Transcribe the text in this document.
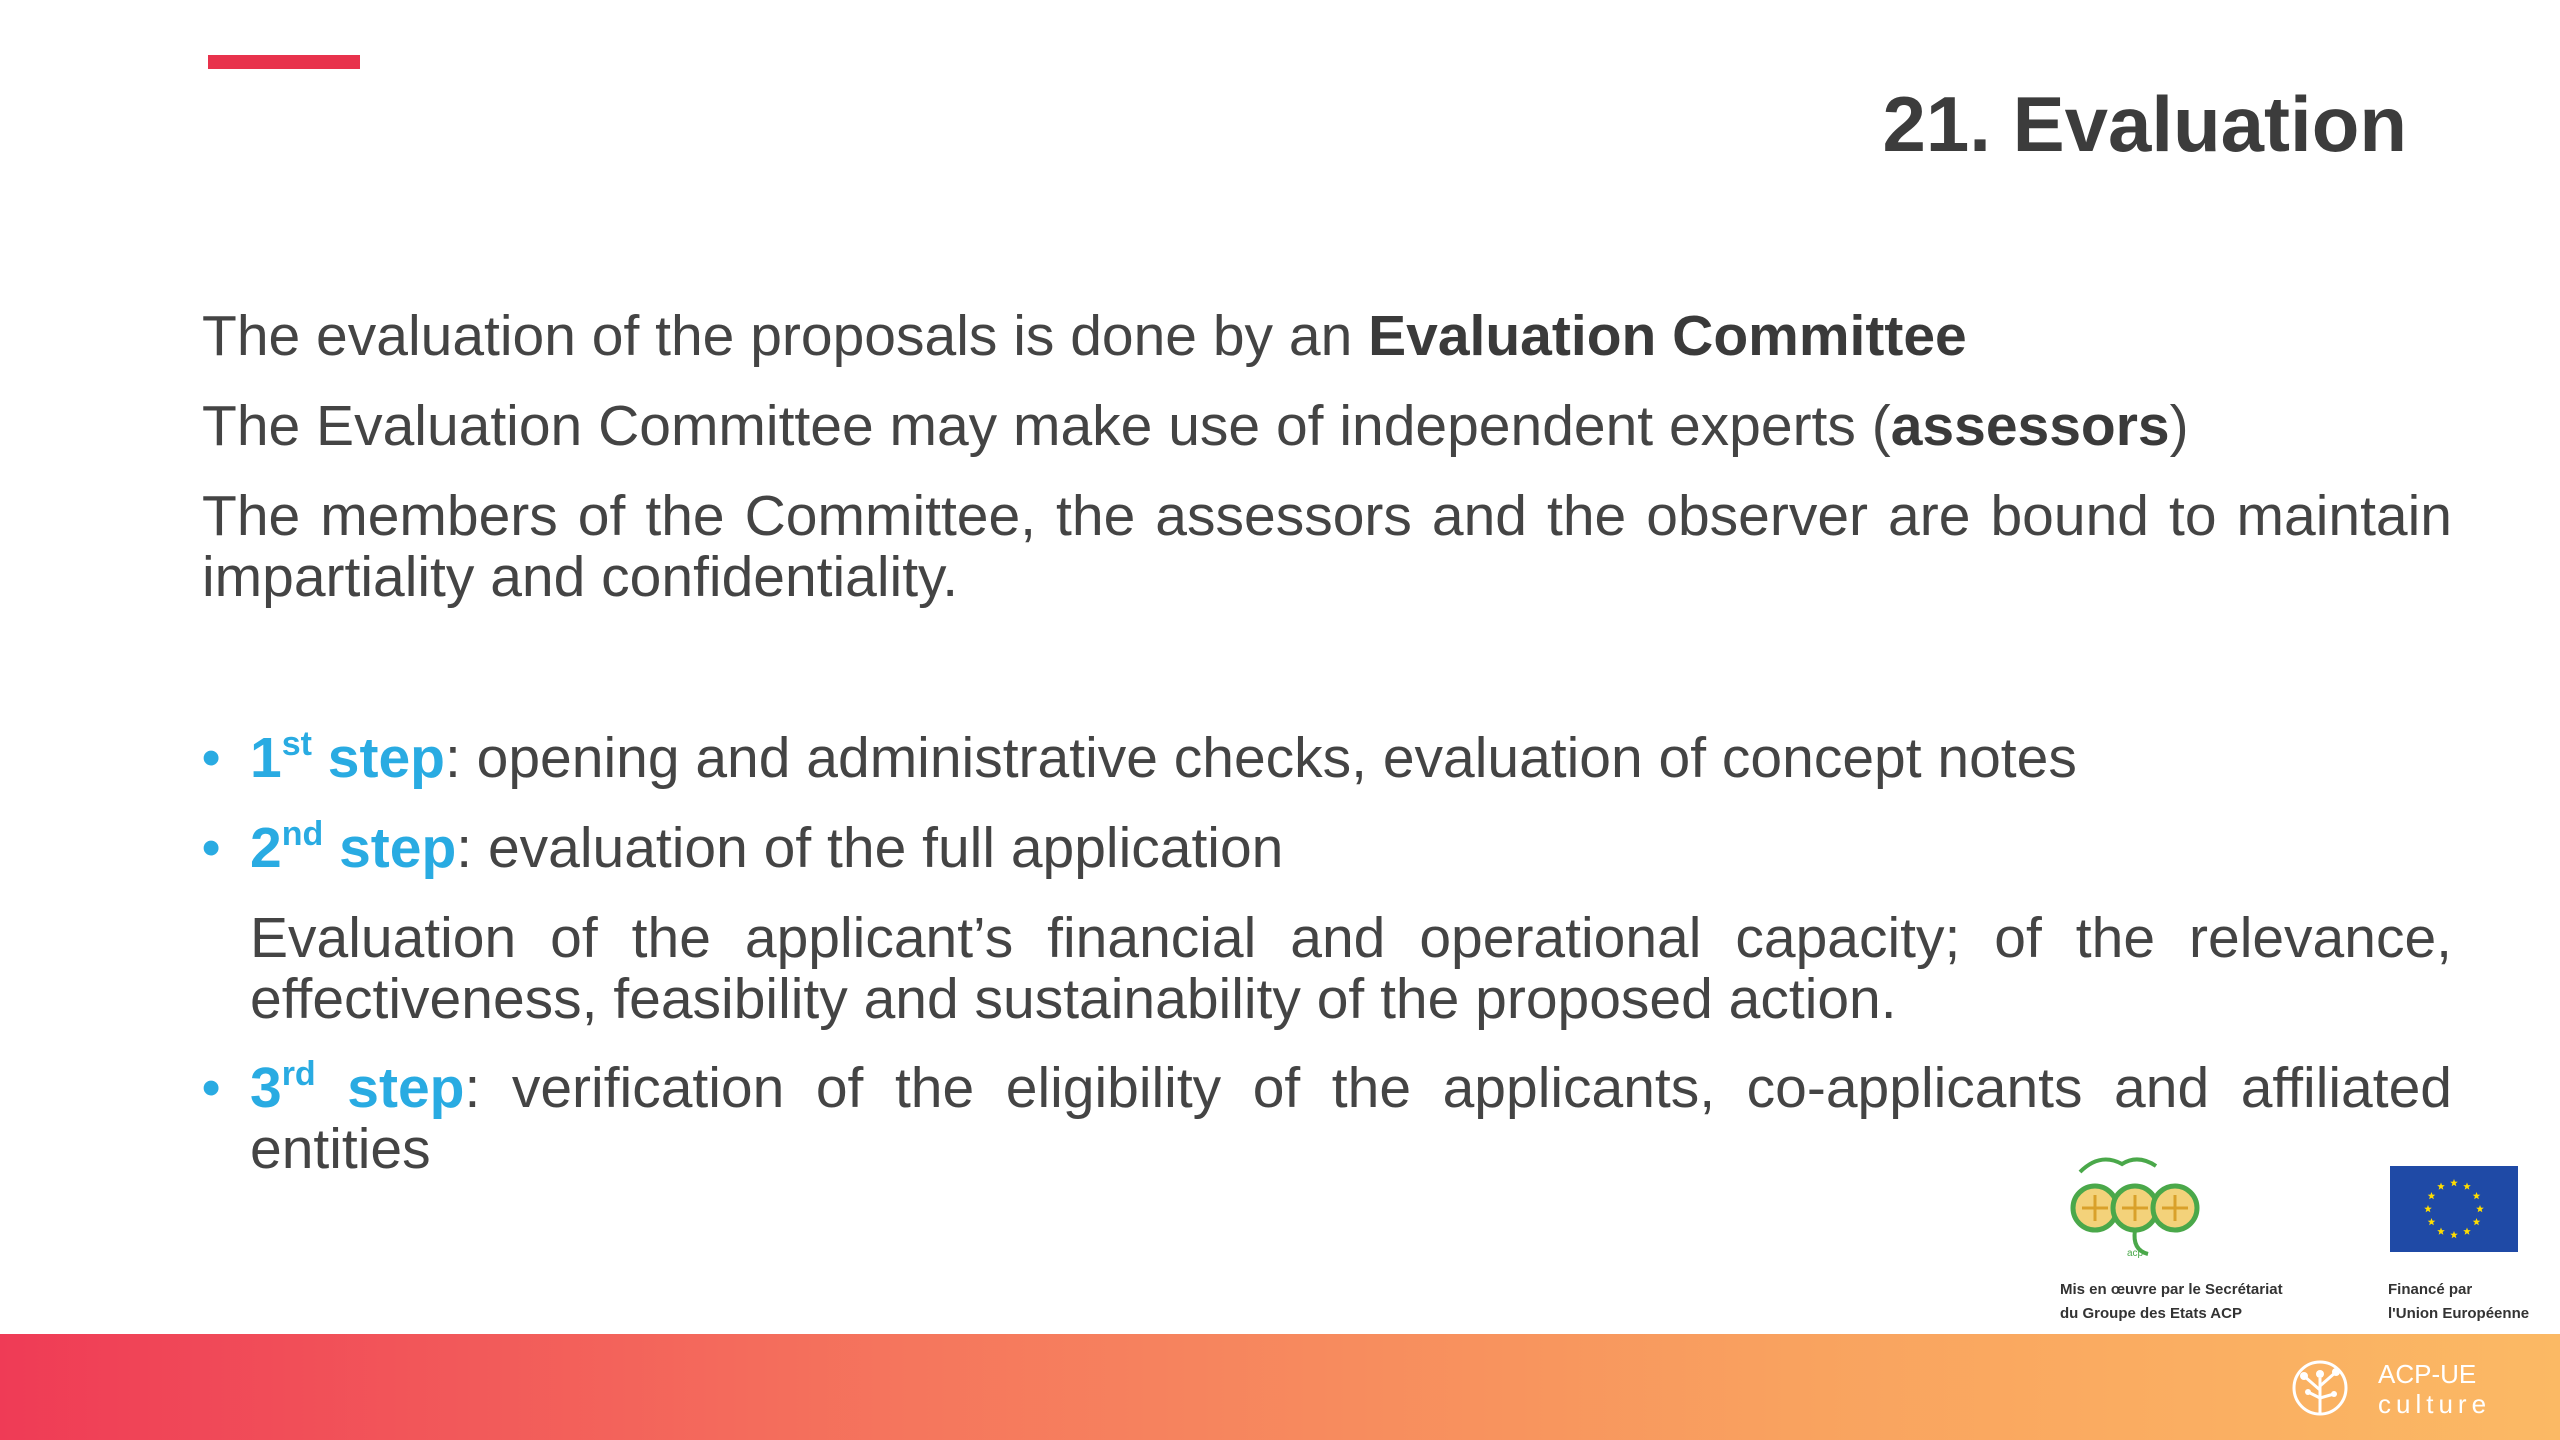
21. Evaluation

The evaluation of the proposals is done by an Evaluation Committee

The Evaluation Committee may make use of independent experts (assessors)

The members of the Committee, the assessors and the observer are bound to maintain impartiality and confidentiality.

• 1st step: opening and administrative checks, evaluation of concept notes

• 2nd step: evaluation of the full application

Evaluation of the applicant’s financial and operational capacity; of the relevance, effectiveness, feasibility and sustainability of the proposed action.

• 3rd step: verification of the eligibility of the applicants, co-applicants and affiliated entities

acp

Mis en œuvre par le Secrétariat
du Groupe des Etats ACP

Financé par
l'Union Européenne

ACP-UE

culture
